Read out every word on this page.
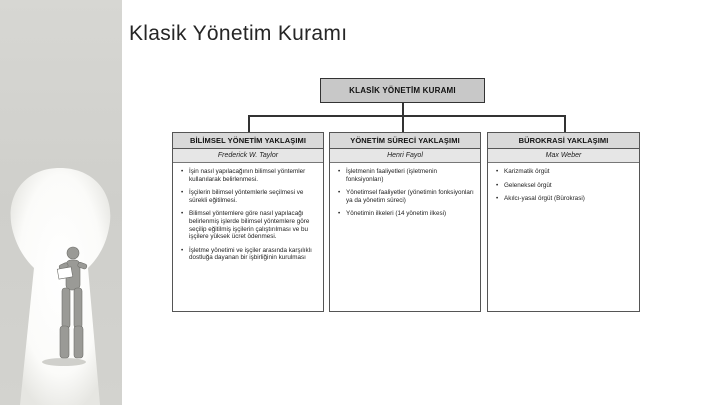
Klasik Yönetim Kuramı
KLASİK YÖNETİM KURAMI
BİLİMSEL YÖNETİM YAKLAŞIMI
Frederick W. Taylor
• İşin nasıl yapılacağının bilimsel yöntemler kullanılarak belirlenmesi.
• İşçilerin bilimsel yöntemlerle seçilmesi ve sürekli eğitilmesi.
• Bilimsel yöntemlere göre nasıl yapılacağı belirlenmiş işlerde bilimsel yöntemlere göre seçilip eğitilmiş işçilerin çalıştırılması ve bu işçilere yüksek ücret ödenmesi.
• İşletme yönetimi ve işçiler arasında karşılıklı dostluğa dayanan bir işbirliğinin kurulması
YÖNETİM SÜRECİ YAKLAŞIMI
Henri Fayol
• İşletmenin faaliyetleri (işletmenin fonksiyonları)
• Yönetimsel faaliyetler (yönetimin fonksiyonları ya da yönetim süreci)
• Yönetimin ilkeleri (14 yönetim ilkesi)
BÜROKRASİ YAKLAŞIMI
Max Weber
• Karizmatik örgüt
• Geleneksel örgüt
• Akılcı-yasal örgüt (Bürokrasi)
